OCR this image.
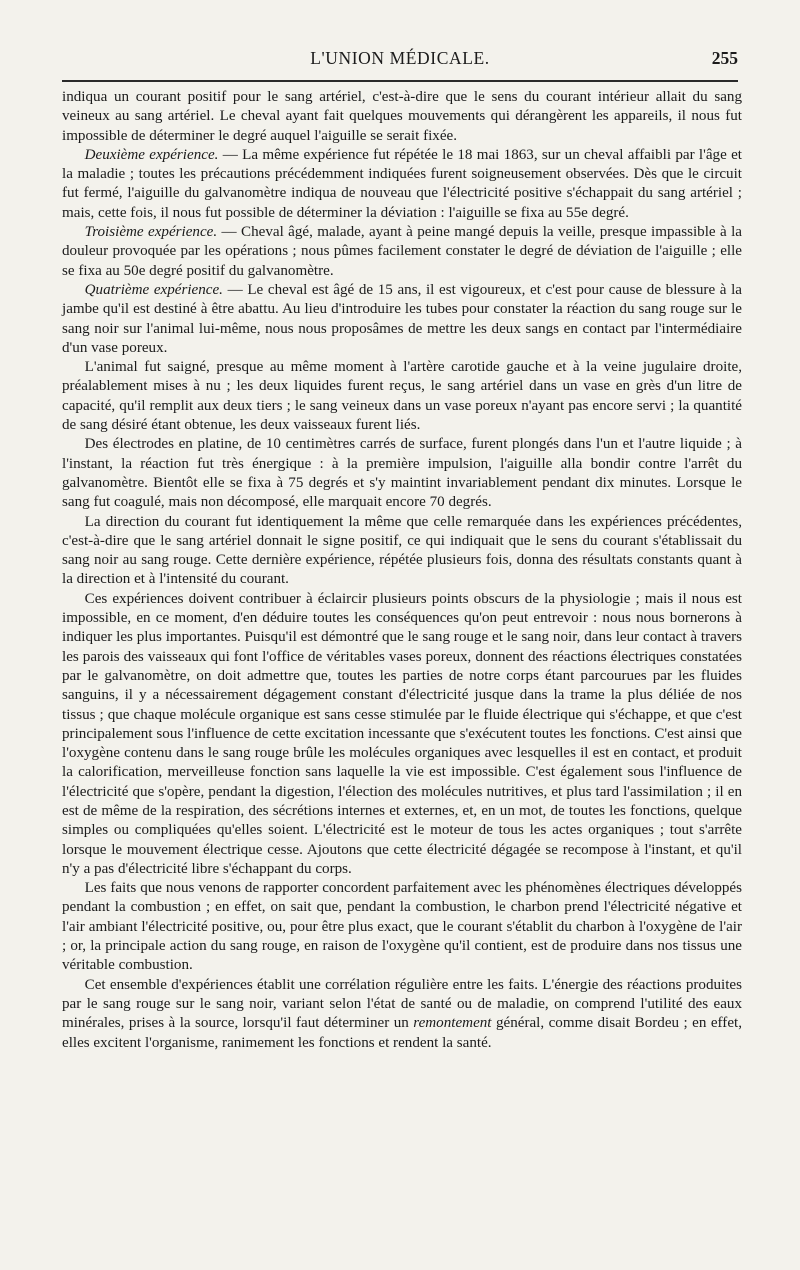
L'UNION MÉDICALE.	255

indiqua un courant positif pour le sang artériel, c'est-à-dire que le sens du courant intérieur allait du sang veineux au sang artériel. Le cheval ayant fait quelques mouvements qui dérangèrent les appareils, il nous fut impossible de déterminer le degré auquel l'aiguille se serait fixée.

Deuxième expérience. — La même expérience fut répétée le 18 mai 1863, sur un cheval affaibli par l'âge et la maladie ; toutes les précautions précédemment indiquées furent soigneusement observées. Dès que le circuit fut fermé, l'aiguille du galvanomètre indiqua de nouveau que l'électricité positive s'échappait du sang artériel ; mais, cette fois, il nous fut possible de déterminer la déviation : l'aiguille se fixa au 55e degré.

Troisième expérience. — Cheval âgé, malade, ayant à peine mangé depuis la veille, presque impassible à la douleur provoquée par les opérations ; nous pûmes facilement constater le degré de déviation de l'aiguille ; elle se fixa au 50e degré positif du galvanomètre.

Quatrième expérience. — Le cheval est âgé de 15 ans, il est vigoureux, et c'est pour cause de blessure à la jambe qu'il est destiné à être abattu. Au lieu d'introduire les tubes pour constater la réaction du sang rouge sur le sang noir sur l'animal lui-même, nous nous proposâmes de mettre les deux sangs en contact par l'intermédiaire d'un vase poreux.

L'animal fut saigné, presque au même moment à l'artère carotide gauche et à la veine jugulaire droite, préalablement mises à nu ; les deux liquides furent reçus, le sang artériel dans un vase en grès d'un litre de capacité, qu'il remplit aux deux tiers ; le sang veineux dans un vase poreux n'ayant pas encore servi ; la quantité de sang désiré étant obtenue, les deux vaisseaux furent liés.

Des électrodes en platine, de 10 centimètres carrés de surface, furent plongés dans l'un et l'autre liquide ; à l'instant, la réaction fut très énergique : à la première impulsion, l'aiguille alla bondir contre l'arrêt du galvanomètre. Bientôt elle se fixa à 75 degrés et s'y maintint invariablement pendant dix minutes. Lorsque le sang fut coagulé, mais non décomposé, elle marquait encore 70 degrés.

La direction du courant fut identiquement la même que celle remarquée dans les expériences précédentes, c'est-à-dire que le sang artériel donnait le signe positif, ce qui indiquait que le sens du courant s'établissait du sang noir au sang rouge. Cette dernière expérience, répétée plusieurs fois, donna des résultats constants quant à la direction et à l'intensité du courant.

Ces expériences doivent contribuer à éclaircir plusieurs points obscurs de la physiologie ; mais il nous est impossible, en ce moment, d'en déduire toutes les conséquences qu'on peut entrevoir : nous nous bornerons à indiquer les plus importantes. Puisqu'il est démontré que le sang rouge et le sang noir, dans leur contact à travers les parois des vaisseaux qui font l'office de véritables vases poreux, donnent des réactions électriques constatées par le galvanomètre, on doit admettre que, toutes les parties de notre corps étant parcourues par les fluides sanguins, il y a nécessairement dégagement constant d'électricité jusque dans la trame la plus déliée de nos tissus ; que chaque molécule organique est sans cesse stimulée par le fluide électrique qui s'échappe, et que c'est principalement sous l'influence de cette excitation incessante que s'exécutent toutes les fonctions. C'est ainsi que l'oxygène contenu dans le sang rouge brûle les molécules organiques avec lesquelles il est en contact, et produit la calorification, merveilleuse fonction sans laquelle la vie est impossible. C'est également sous l'influence de l'électricité que s'opère, pendant la digestion, l'élection des molécules nutritives, et plus tard l'assimilation ; il en est de même de la respiration, des sécrétions internes et externes, et, en un mot, de toutes les fonctions, quelque simples ou compliquées qu'elles soient. L'électricité est le moteur de tous les actes organiques ; tout s'arrête lorsque le mouvement électrique cesse. Ajoutons que cette électricité dégagée se recompose à l'instant, et qu'il n'y a pas d'électricité libre s'échappant du corps.

Les faits que nous venons de rapporter concordent parfaitement avec les phénomènes électriques développés pendant la combustion ; en effet, on sait que, pendant la combustion, le charbon prend l'électricité négative et l'air ambiant l'électricité positive, ou, pour être plus exact, que le courant s'établit du charbon à l'oxygène de l'air ; or, la principale action du sang rouge, en raison de l'oxygène qu'il contient, est de produire dans nos tissus une véritable combustion.

Cet ensemble d'expériences établit une corrélation régulière entre les faits. L'énergie des réactions produites par le sang rouge sur le sang noir, variant selon l'état de santé ou de maladie, on comprend l'utilité des eaux minérales, prises à la source, lorsqu'il faut déterminer un remontement général, comme disait Bordeu ; en effet, elles excitent l'organisme, ranimement les fonctions et rendent la santé.
